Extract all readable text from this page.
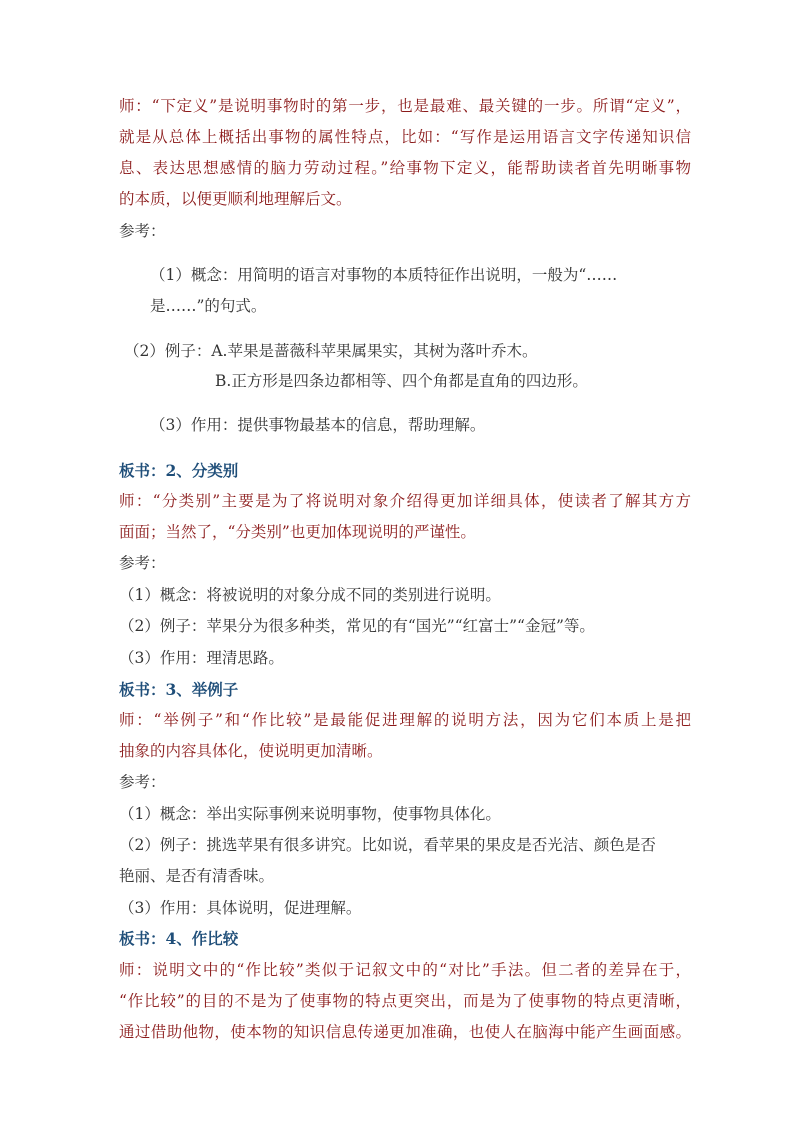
师：“下定义”是说明事物时的第一步，也是最难、最关键的一步。所谓“定义”，
就是从总体上概括出事物的属性特点，比如：“写作是运用语言文字传递知识信
息、表达思想感情的脑力劳动过程。”给事物下定义，能帮助读者首先明晰事物
的本质，以便更顺利地理解后文。
参考：
（1）概念：用简明的语言对事物的本质特征作出说明，一般为“……
是……”的句式。
（2）例子：A.苹果是蔷薇科苹果属果实，其树为落叶乔木。
B.正方形是四条边都相等、四个角都是直角的四边形。
（3）作用：提供事物最基本的信息，帮助理解。
板书：2、分类别
师：“分类别”主要是为了将说明对象介绍得更加详细具体，使读者了解其方方
面面；当然了，“分类别”也更加体现说明的严谨性。
参考：
（1）概念：将被说明的对象分成不同的类别进行说明。
（2）例子：苹果分为很多种类，常见的有“国光”“红富士”“金冠”等。
（3）作用：理清思路。
板书：3、举例子
师：“举例子”和“作比较”是最能促进理解的说明方法，因为它们本质上是把
抽象的内容具体化，使说明更加清晰。
参考：
（1）概念：举出实际事例来说明事物，使事物具体化。
（2）例子：挑选苹果有很多讲究。比如说，看苹果的果皮是否光洁、颜色是否
艳丽、是否有清香味。
（3）作用：具体说明，促进理解。
板书：4、作比较
师：说明文中的“作比较”类似于记叙文中的“对比”手法。但二者的差异在于，
“作比较”的目的不是为了使事物的特点更突出，而是为了使事物的特点更清晰，
通过借助他物，使本物的知识信息传递更加准确，也使人在脑海中能产生画面感。
